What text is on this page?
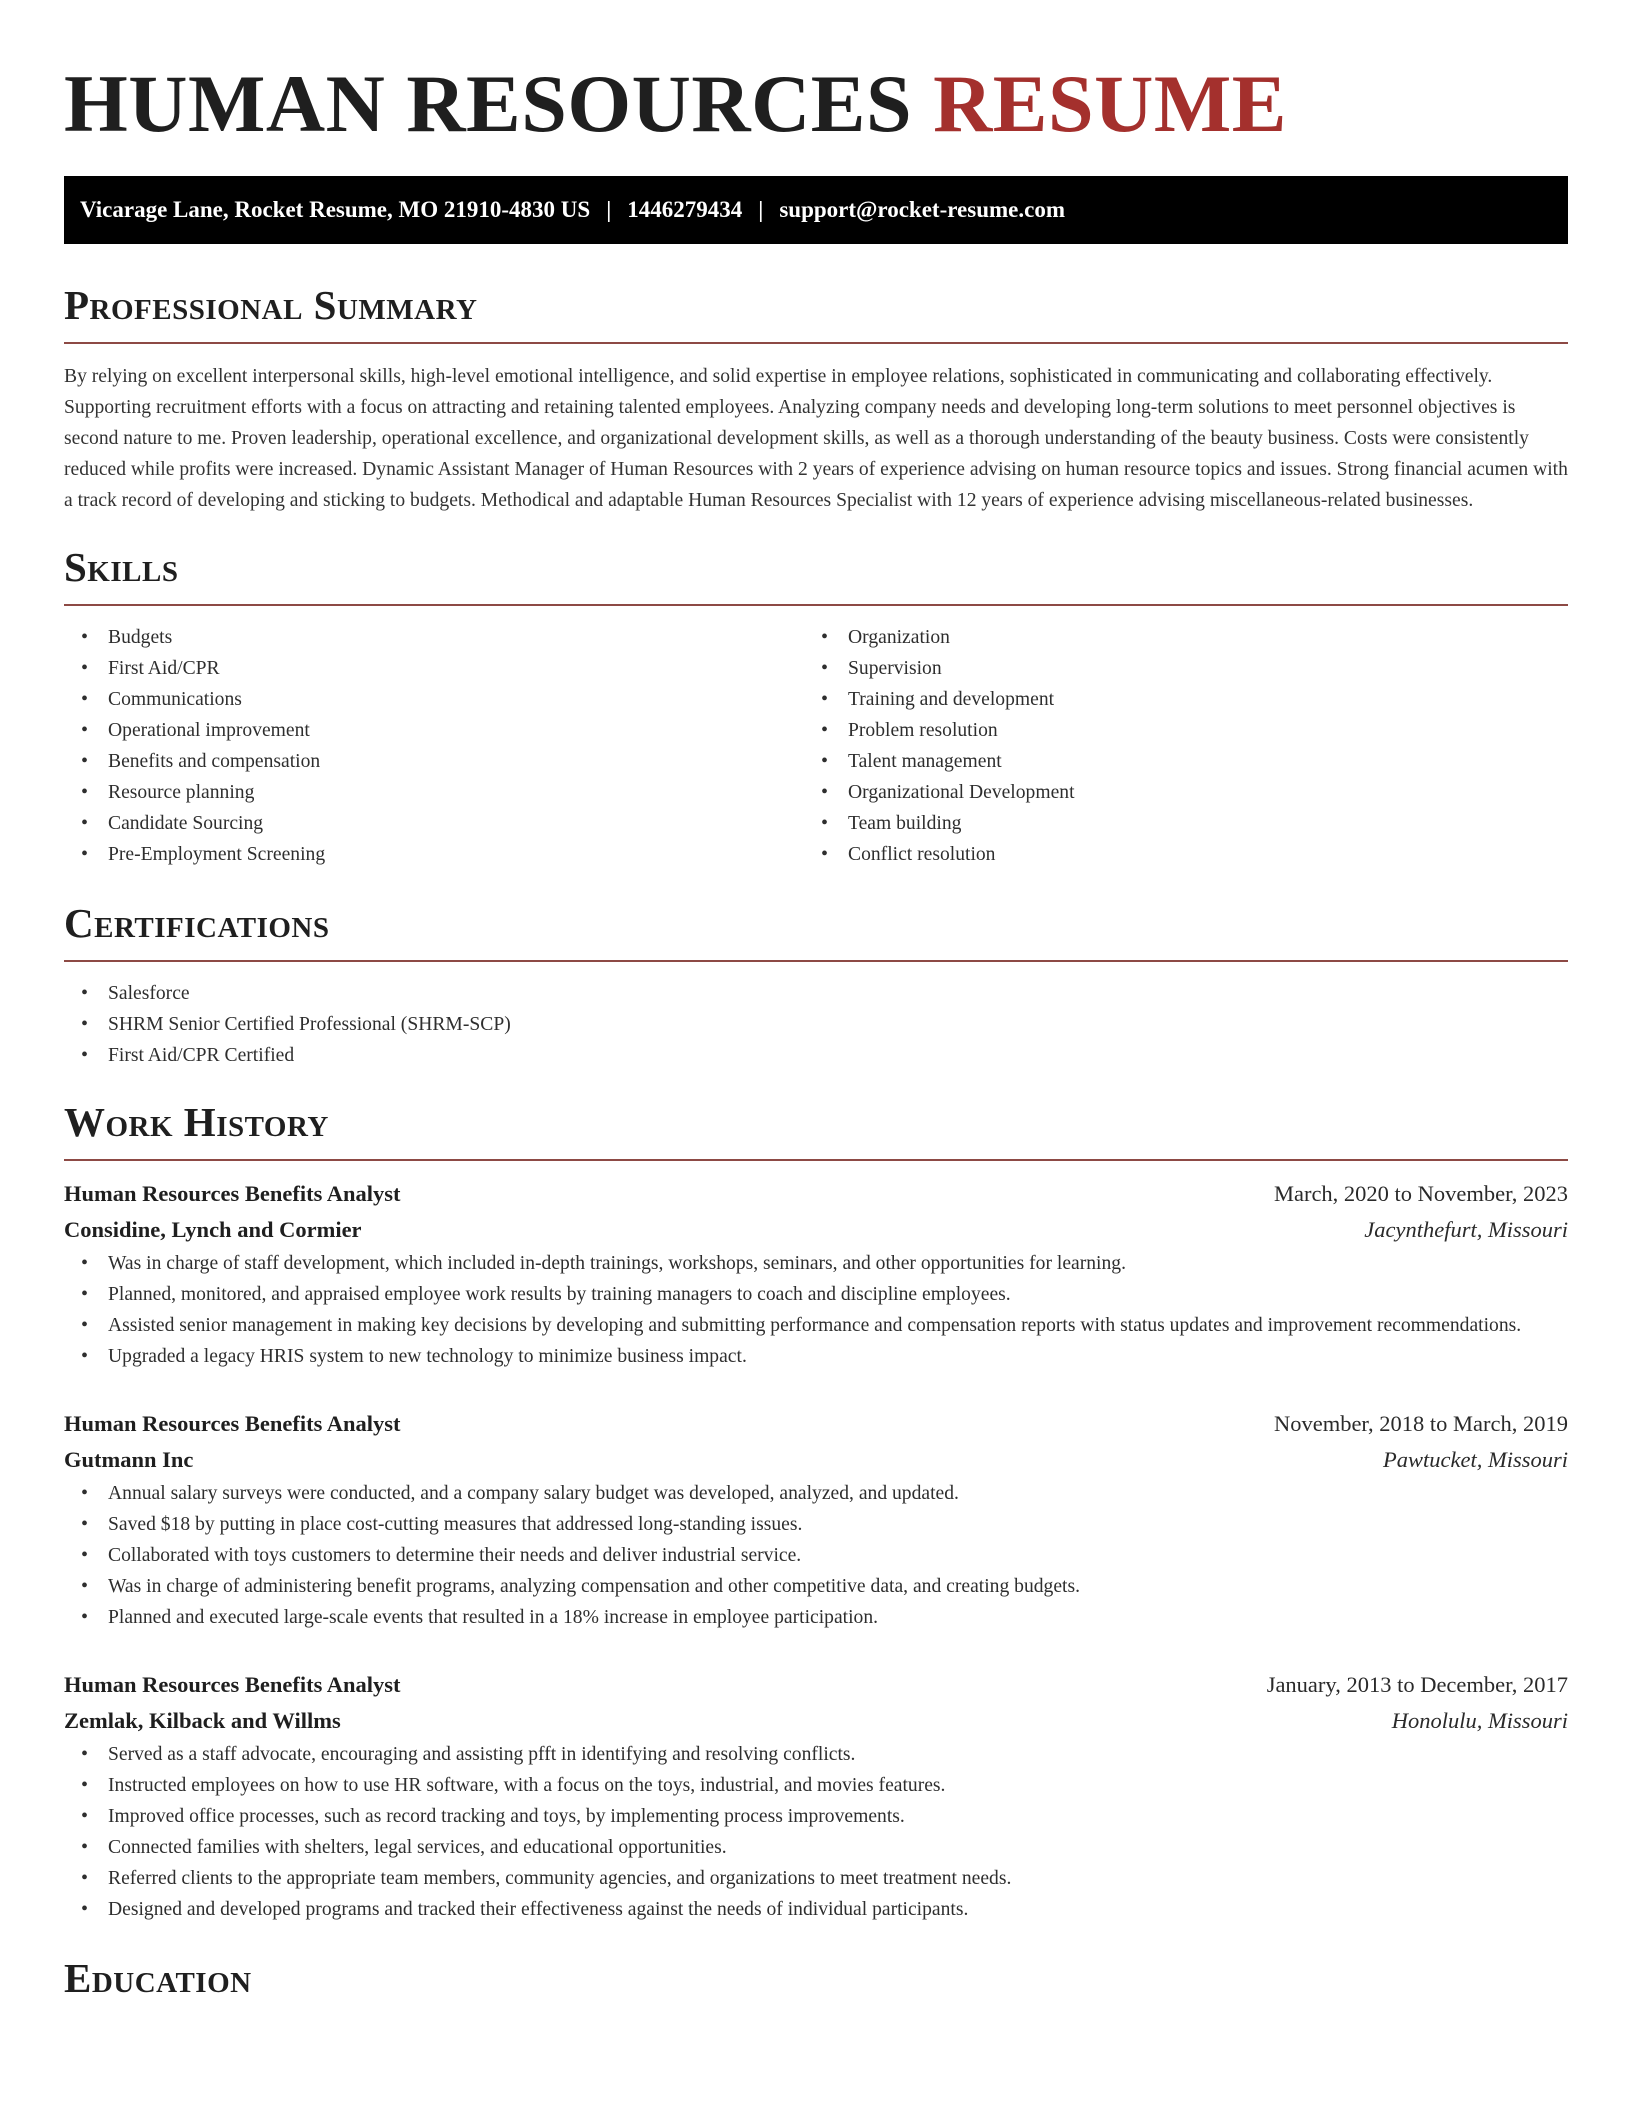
HUMAN RESOURCES RESUME
Vicarage Lane, Rocket Resume, MO 21910-4830 US | 1446279434 | support@rocket-resume.com
Professional Summary

By relying on excellent interpersonal skills, high-level emotional intelligence, and solid expertise in employee relations, sophisticated in communicating and collaborating effectively. Supporting recruitment efforts with a focus on attracting and retaining talented employees. Analyzing company needs and developing long-term solutions to meet personnel objectives is second nature to me. Proven leadership, operational excellence, and organizational development skills, as well as a thorough understanding of the beauty business. Costs were consistently reduced while profits were increased. Dynamic Assistant Manager of Human Resources with 2 years of experience advising on human resource topics and issues. Strong financial acumen with a track record of developing and sticking to budgets. Methodical and adaptable Human Resources Specialist with 12 years of experience advising miscellaneous-related businesses.

Skills
• Budgets
• First Aid/CPR
• Communications
• Operational improvement
• Benefits and compensation
• Resource planning
• Candidate Sourcing
• Pre-Employment Screening
• Organization
• Supervision
• Training and development
• Problem resolution
• Talent management
• Organizational Development
• Team building
• Conflict resolution
Certifications
• Salesforce
• SHRM Senior Certified Professional (SHRM-SCP)
• First Aid/CPR Certified
Work History
Human Resources Benefits Analyst	March, 2020 to November, 2023
Considine, Lynch and Cormier	Jacynthefurt, Missouri
• Was in charge of staff development, which included in-depth trainings, workshops, seminars, and other opportunities for learning.
• Planned, monitored, and appraised employee work results by training managers to coach and discipline employees.
• Assisted senior management in making key decisions by developing and submitting performance and compensation reports with status updates and improvement recommendations.
• Upgraded a legacy HRIS system to new technology to minimize business impact.
Human Resources Benefits Analyst	November, 2018 to March, 2019
Gutmann Inc	Pawtucket, Missouri
• Annual salary surveys were conducted, and a company salary budget was developed, analyzed, and updated.
• Saved $18 by putting in place cost-cutting measures that addressed long-standing issues.
• Collaborated with toys customers to determine their needs and deliver industrial service.
• Was in charge of administering benefit programs, analyzing compensation and other competitive data, and creating budgets.
• Planned and executed large-scale events that resulted in a 18% increase in employee participation.
Human Resources Benefits Analyst	January, 2013 to December, 2017
Zemlak, Kilback and Willms	Honolulu, Missouri
• Served as a staff advocate, encouraging and assisting pfft in identifying and resolving conflicts.
• Instructed employees on how to use HR software, with a focus on the toys, industrial, and movies features.
• Improved office processes, such as record tracking and toys, by implementing process improvements.
• Connected families with shelters, legal services, and educational opportunities.
• Referred clients to the appropriate team members, community agencies, and organizations to meet treatment needs.
• Designed and developed programs and tracked their effectiveness against the needs of individual participants.
Education
